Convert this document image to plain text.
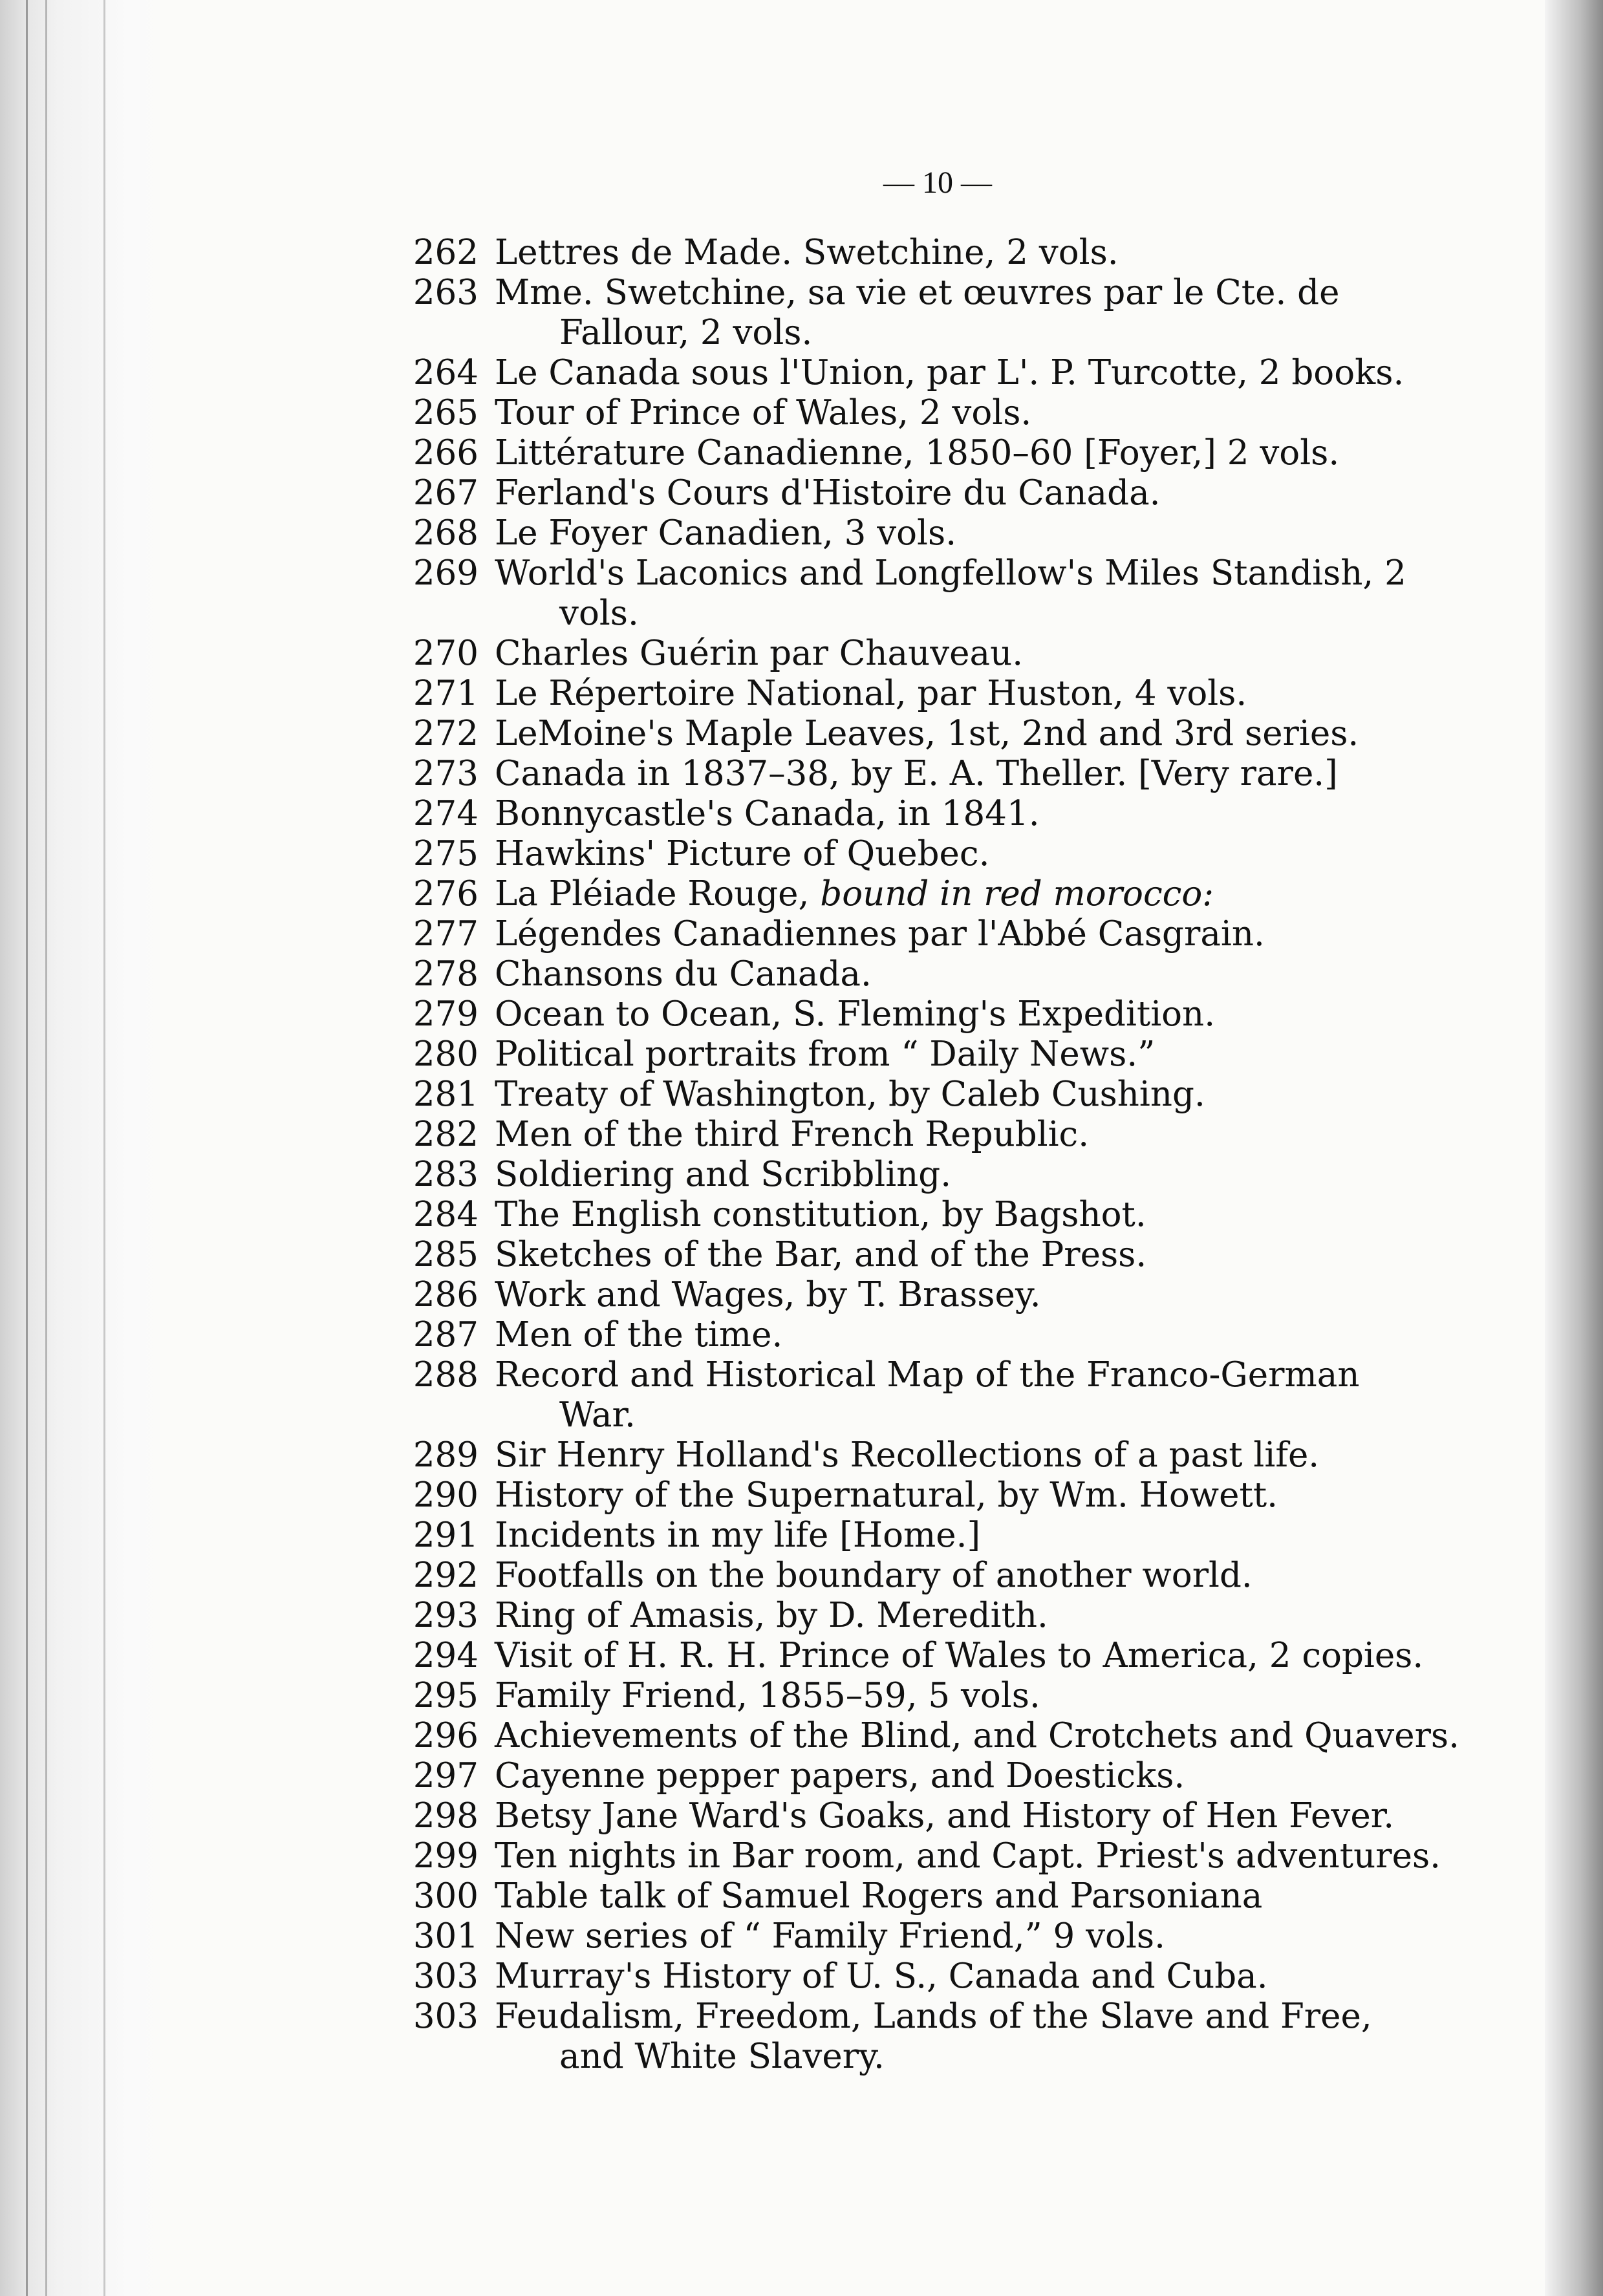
— 10 —
262 Lettres de Made. Swetchine, 2 vols.
263 Mme. Swetchine, sa vie et œuvres par le Cte. de
Fallour, 2 vols.
264 Le Canada sous l'Union, par L'. P. Turcotte, 2 books.
265 Tour of Prince of Wales, 2 vols.
266 Littérature Canadienne, 1850–60 [Foyer,] 2 vols.
267 Ferland's Cours d'Histoire du Canada.
268 Le Foyer Canadien, 3 vols.
269 World's Laconics and Longfellow's Miles Standish, 2
vols.
270 Charles Guérin par Chauveau.
271 Le Répertoire National, par Huston, 4 vols.
272 LeMoine's Maple Leaves, 1st, 2nd and 3rd series.
273 Canada in 1837–38, by E. A. Theller. [Very rare.]
274 Bonnycastle's Canada, in 1841.
275 Hawkins' Picture of Quebec.
276 La Pléiade Rouge, bound in red morocco:
277 Légendes Canadiennes par l'Abbé Casgrain.
278 Chansons du Canada.
279 Ocean to Ocean, S. Fleming's Expedition.
280 Political portraits from “ Daily News.”
281 Treaty of Washington, by Caleb Cushing.
282 Men of the third French Republic.
283 Soldiering and Scribbling.
284 The English constitution, by Bagshot.
285 Sketches of the Bar, and of the Press.
286 Work and Wages, by T. Brassey.
287 Men of the time.
288 Record and Historical Map of the Franco-German
War.
289 Sir Henry Holland's Recollections of a past life.
290 History of the Supernatural, by Wm. Howett.
291 Incidents in my life [Home.]
292 Footfalls on the boundary of another world.
293 Ring of Amasis, by D. Meredith.
294 Visit of H. R. H. Prince of Wales to America, 2 copies.
295 Family Friend, 1855–59, 5 vols.
296 Achievements of the Blind, and Crotchets and Quavers.
297 Cayenne pepper papers, and Doesticks.
298 Betsy Jane Ward's Goaks, and History of Hen Fever.
299 Ten nights in Bar room, and Capt. Priest's adventures.
300 Table talk of Samuel Rogers and Parsoniana
301 New series of “ Family Friend,” 9 vols.
303 Murray's History of U. S., Canada and Cuba.
303 Feudalism, Freedom, Lands of the Slave and Free,
and White Slavery.
